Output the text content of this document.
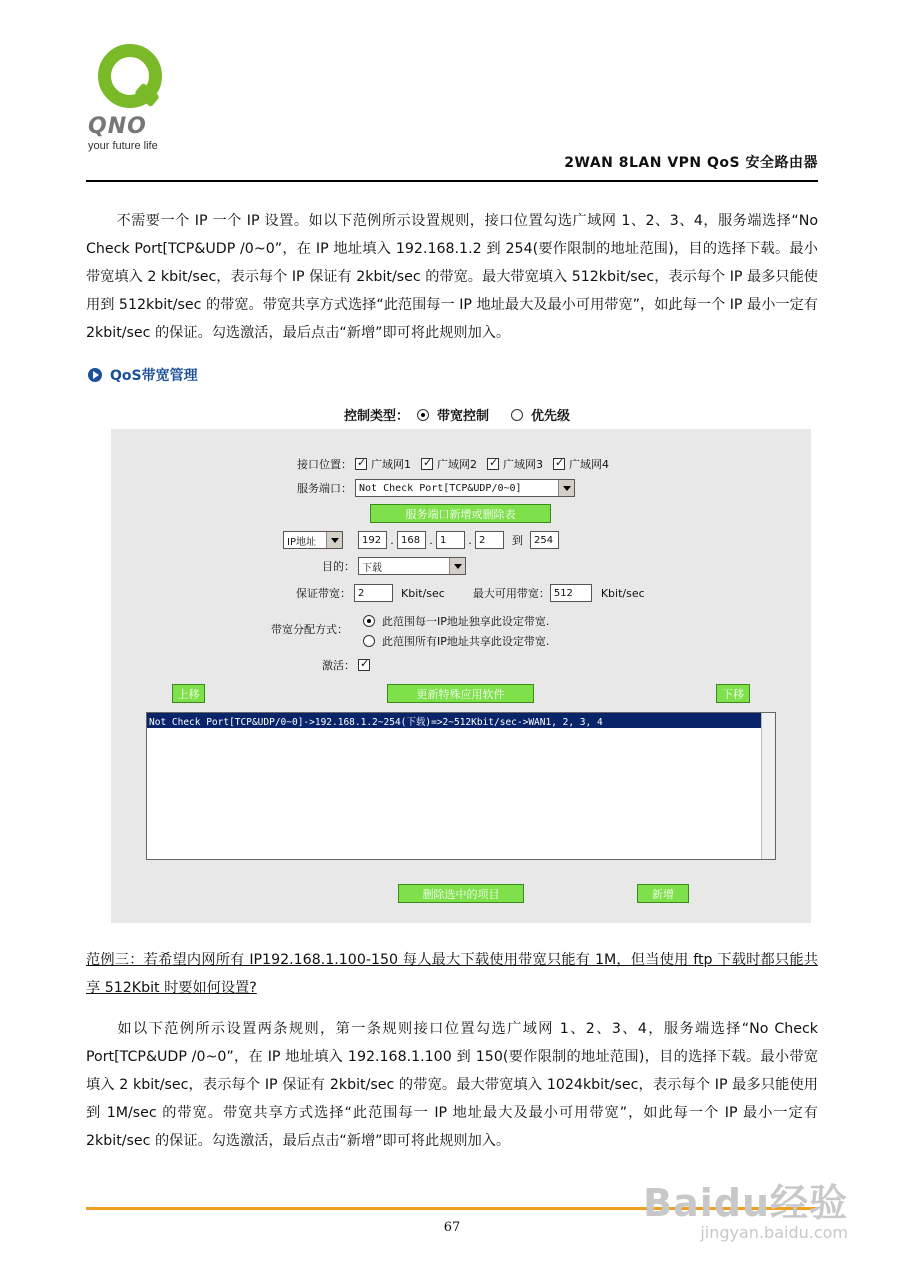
QNO
your future life
2WAN 8LAN VPN QoS 安全路由器
不需要一个 IP 一个 IP 设置。如以下范例所示设置规则，接口位置勾选广域网 1、2、3、4，服务端选择“No Check Port[TCP&UDP /0~0”，在 IP 地址填入 192.168.1.2 到 254(要作限制的地址范围)，目的选择下载。最小带宽填入 2 kbit/sec，表示每个 IP 保证有 2kbit/sec 的带宽。最大带宽填入 512kbit/sec，表示每个 IP 最多只能使用到 512kbit/sec 的带宽。带宽共享方式选择“此范围每一 IP 地址最大及最小可用带宽”，如此每一个 IP 最小一定有 2kbit/sec 的保证。勾选激活，最后点击“新增”即可将此规则加入。
QoS带宽管理
控制类型： 带宽控制	优先级
接口位置： ✓ 广域网1 ✓ 广域网2 ✓ 广域网3 ✓ 广域网4
服务端口： Not Check Port[TCP&UDP/0~0]
服务端口新增或删除表
IP地址	192 . 168 . 1	. 2	到	254
目的： 下载
保证带宽： 2	Kbit/sec	最大可用带宽： 512	Kbit/sec
带宽分配方式：
此范围每一IP地址独享此设定带宽.
此范围所有IP地址共享此设定带宽.
激活：
✓
上移	更新特殊应用软件	下移
Not Check Port[TCP&UDP/0~0]->192.168.1.2~254(下载)=>2~512Kbit/sec->WAN1, 2, 3, 4
删除选中的项目	新增
范例三：若希望内网所有 IP192.168.1.100-150 每人最大下载使用带宽只能有 1M，但当使用 ftp 下载时都只能共享 512Kbit 时要如何设置?
如以下范例所示设置两条规则，第一条规则接口位置勾选广域网 1、2、3、4，服务端选择“No Check Port[TCP&UDP /0~0”，在 IP 地址填入 192.168.1.100 到 150(要作限制的地址范围)，目的选择下载。最小带宽填入 2 kbit/sec，表示每个 IP 保证有 2kbit/sec 的带宽。最大带宽填入 1024kbit/sec，表示每个 IP 最多只能使用到 1M/sec 的带宽。带宽共享方式选择“此范围每一 IP 地址最大及最小可用带宽”，如此每一个 IP 最小一定有 2kbit/sec 的保证。勾选激活，最后点击“新增”即可将此规则加入。
67
Baidu经验
jingyan.baidu.com
